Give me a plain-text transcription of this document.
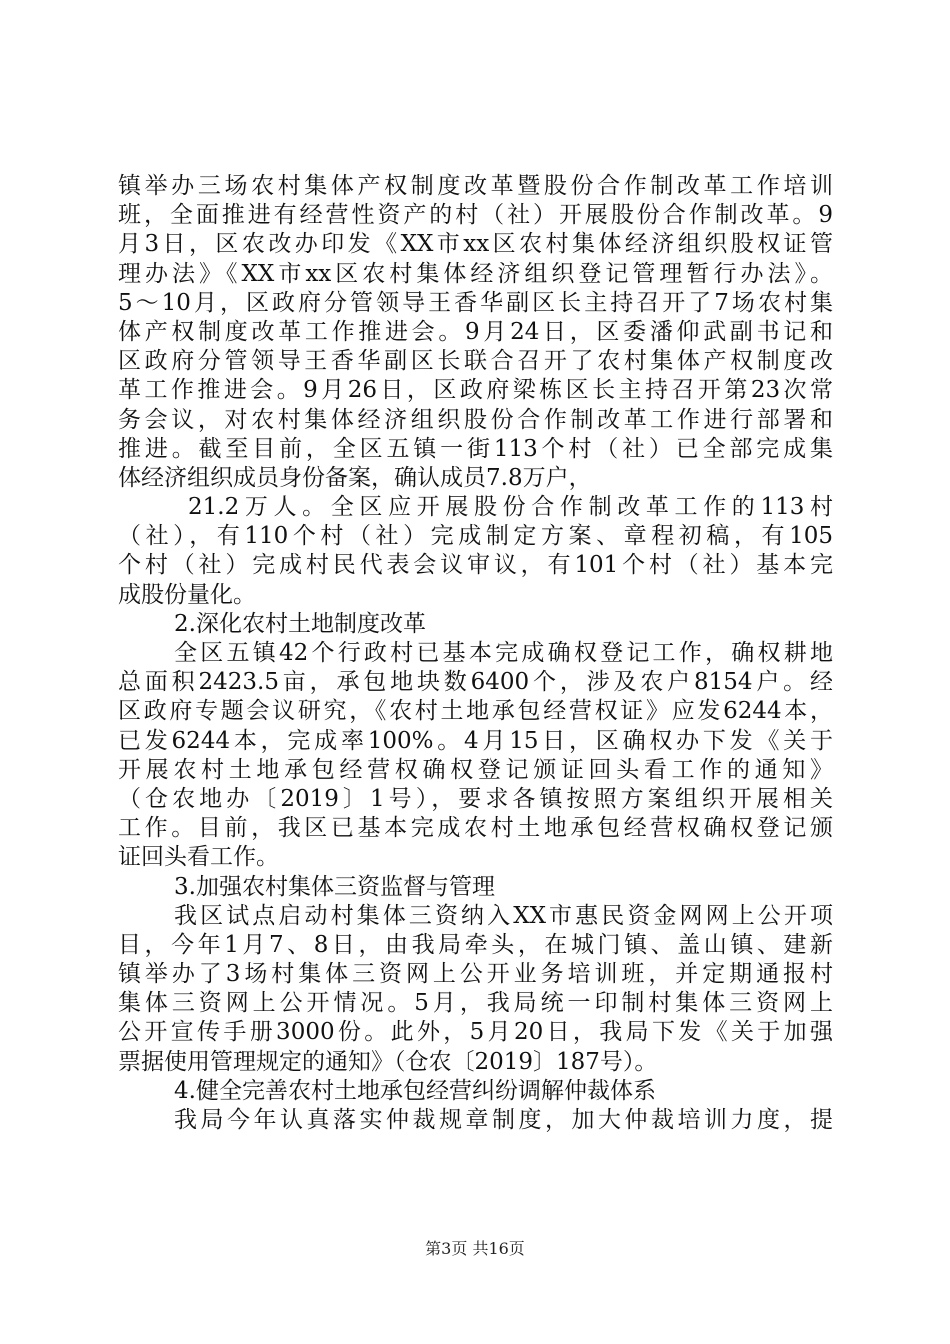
镇举办三场农村集体产权制度改革暨股份合作制改革工作培训
班，全面推进有经营性资产的村（社）开展股份合作制改革。9
月3日，区农改办印发《XX市xx区农村集体经济组织股权证管
理办法》《XX市xx区农村集体经济组织登记管理暂行办法》。
5～10月，区政府分管领导王香华副区长主持召开了7场农村集
体产权制度改革工作推进会。9月24日，区委潘仰武副书记和
区政府分管领导王香华副区长联合召开了农村集体产权制度改
革工作推进会。9月26日，区政府梁栋区长主持召开第23次常
务会议，对农村集体经济组织股份合作制改革工作进行部署和
推进。截至目前，全区五镇一街113个村（社）已全部完成集
体经济组织成员身份备案，确认成员7.8万户，
21.2万人。全区应开展股份合作制改革工作的113村
（社），有110个村（社）完成制定方案、章程初稿，有105
个村（社）完成村民代表会议审议，有101个村（社）基本完
成股份量化。
2.深化农村土地制度改革
全区五镇42个行政村已基本完成确权登记工作，确权耕地
总面积2423.5亩，承包地块数6400个，涉及农户8154户。经
区政府专题会议研究，《农村土地承包经营权证》应发6244本，
已发6244本，完成率100%。4月15日，区确权办下发《关于
开展农村土地承包经营权确权登记颁证回头看工作的通知》
（仓农地办〔2019〕1号），要求各镇按照方案组织开展相关
工作。目前，我区已基本完成农村土地承包经营权确权登记颁
证回头看工作。
3.加强农村集体三资监督与管理
我区试点启动村集体三资纳入XX市惠民资金网网上公开项
目，今年1月7、8日，由我局牵头，在城门镇、盖山镇、建新
镇举办了3场村集体三资网上公开业务培训班，并定期通报村
集体三资网上公开情况。5月，我局统一印制村集体三资网上
公开宣传手册3000份。此外，5月20日，我局下发《关于加强
票据使用管理规定的通知》（仓农〔2019〕187号）。
4.健全完善农村土地承包经营纠纷调解仲裁体系
我局今年认真落实仲裁规章制度，加大仲裁培训力度，提
第3页 共16页
